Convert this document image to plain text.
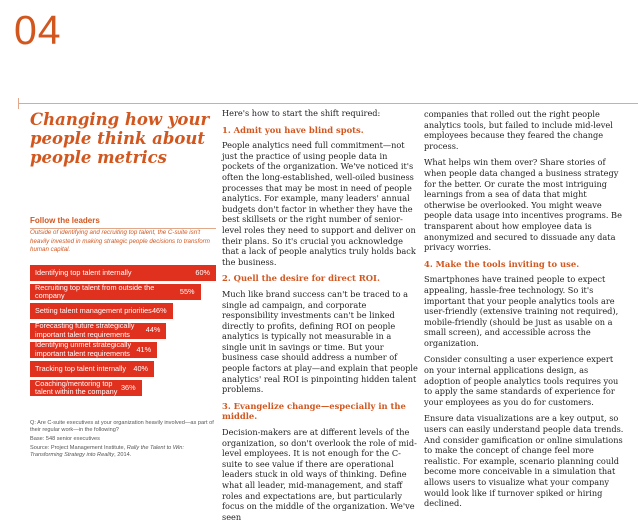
04
Changing how your people think about people metrics
Follow the leaders

Outside of identifying and recruiting top talent, the C-suite isn't heavily invested in making strategic people decisions to transform human capital.

Identifying top talent internally	60%
Recruiting top talent from outside the company	55%
Setting talent management priorities 46%
Forecasting future strategically important talent requirements	44%
Identifying unmet strategically important talent requirements 41%
Tracking top talent internally	40%
Coaching/mentoring top talent within the company 36%

Q: Are C-suite executives at your organization heavily involved—as part of their regular work—in the following?

Base: 548 senior executives

Source: Project Management Institute, Rally the Talent to Win: Transforming Strategy into Reality, 2014.

Here's how to start the shift required:

1. Admit you have blind spots.

People analytics need full commitment—not just the practice of using people data in pockets of the organization. We've noticed it's often the long-established, well-oiled business processes that may be most in need of people analytics. For example, many leaders' annual budgets don't factor in whether they have the best skillsets or the right number of senior-level roles they need to support and deliver on their plans. So it's crucial you acknowledge that a lack of people analytics truly holds back the business.

2. Quell the desire for direct ROI.

Much like brand success can't be traced to a single ad campaign, and corporate responsibility investments can't be linked directly to profits, defining ROI on people analytics is typically not measurable in a single unit in savings or time. But your business case should address a number of people factors at play—and explain that people analytics' real ROI is pinpointing hidden talent problems.

3. Evangelize change—especially in the middle.

Decision-makers are at different levels of the organization, so don't overlook the role of mid-level employees. It is not enough for the C-suite to see value if there are operational leaders stuck in old ways of thinking. Define what all leader, mid-management, and staff roles and expectations are, but particularly focus on the middle of the organization. We've seen

companies that rolled out the right people analytics tools, but failed to include mid-level employees because they feared the change process.

What helps win them over? Share stories of when people data changed a business strategy for the better. Or curate the most intriguing learnings from a sea of data that might otherwise be overlooked. You might weave people data usage into incentives programs. Be transparent about how employee data is anonymized and secured to dissuade any data privacy worries.

4. Make the tools inviting to use.

Smartphones have trained people to expect appealing, hassle-free technology. So it's important that your people analytics tools are user-friendly (extensive training not required), mobile-friendly (should be just as usable on a small screen), and accessible across the organization.

Consider consulting a user experience expert on your internal applications design, as adoption of people analytics tools requires you to apply the same standards of experience for your employees as you do for customers.

Ensure data visualizations are a key output, so users can easily understand people data trends. And consider gamification or online simulations to make the concept of change feel more realistic. For example, scenario planning could become more conceivable in a simulation that allows users to visualize what your company would look like if turnover spiked or hiring declined.
